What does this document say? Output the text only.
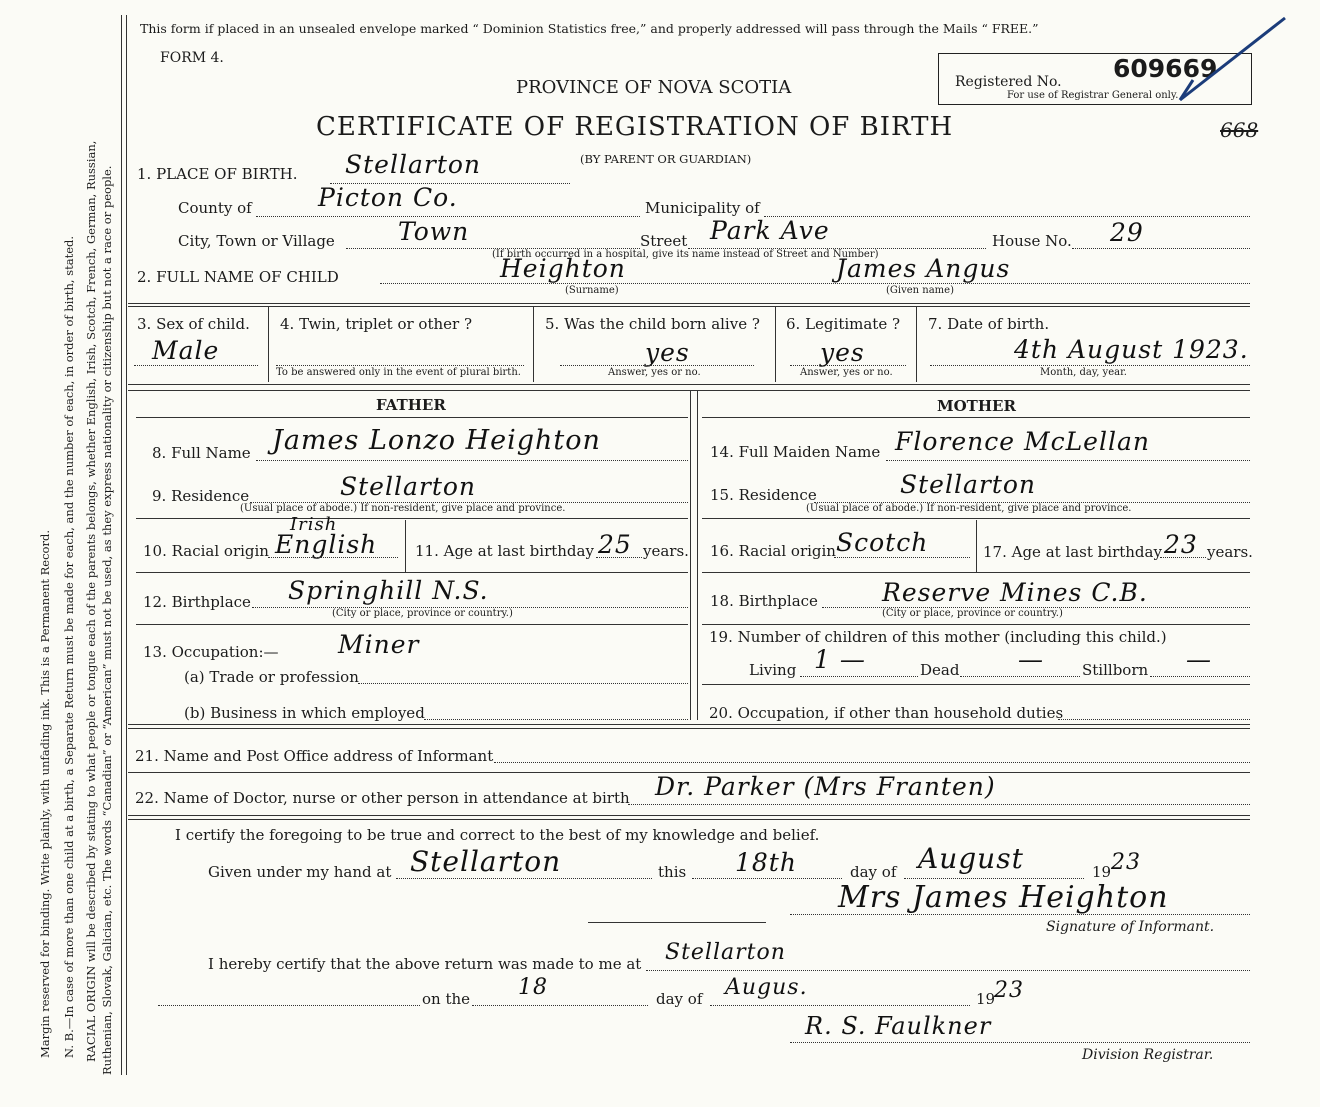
Margin reserved for binding. Write plainly, with unfading ink. This is a Permanent Record. N. B.—In case of more than one child at a birth, a Separate Return must be made for each, and the number of each, in order of birth, stated. RACIAL ORIGIN will be described by stating to what people or tongue each of the parents belongs, whether English, Irish, Scotch, French, German, Russian, Ruthenian, Slovak, Galician, etc. The words “Canadian” or “American” must not be used, as they express nationality or citizenship but not a race or people.
This form if placed in an unsealed envelope marked “ Dominion Statistics free,” and properly addressed will pass through the Mails “ FREE.”
FORM 4.
PROVINCE OF NOVA SCOTIA
CERTIFICATE OF REGISTRATION OF BIRTH
(BY PARENT OR GUARDIAN)
Registered No. 609669
For use of Registrar General only.
668
1. PLACE OF BIRTH. Stellarton
County of	Picton Co.	Municipality of
City, Town or Village	Town	Street Park Ave	House No. 29
(If birth occurred in a hospital, give its name instead of Street and Number)
2. FULL NAME OF CHILD	Heighton
(Surname)
James Angus
(Given name)
3. Sex of child.
Male
4. Twin, triplet or other ?
To be answered only in the event of plural birth.
5. Was the child born alive ?
yes
Answer, yes or no.
6. Legitimate ?
yes
Answer, yes or no.
7. Date of birth.
4th August 1923.
Month, day, year.
FATHER	MOTHER
8. Full Name James Lonzo Heighton
9. Residence	Stellarton
(Usual place of abode.) If non-resident, give place and province.
10. Racial origin
Irish
English	11. Age at last birthday 25 years.
12. Birthplace Springhill N.S.
(City or place, province or country.)
13. Occupation:— Miner
(a) Trade or profession
(b) Business in which employed
14. Full Maiden Name Florence McLellan
15. Residence	Stellarton
(Usual place of abode.) If non-resident, give place and province.
16. Racial origin Scotch	17. Age at last birthday 23 years.
18. Birthplace	Reserve Mines C.B.
(City or place, province or country.)
19. Number of children of this mother (including this child.)
Living 1 —	Dead —	Stillborn —
20. Occupation, if other than household duties
21. Name and Post Office address of Informant
22. Name of Doctor, nurse or other person in attendance at birth Dr. Parker (Mrs Franten)
I certify the foregoing to be true and correct to the best of my knowledge and belief.
Given under my hand at Stellarton	this 18th	day of August	19 23
Mrs James Heighton
Signature of Informant.
I hereby certify that the above return was made to me at Stellarton
on the 18	day of Augus.	19
23
R. S. Faulkner
Division Registrar.
